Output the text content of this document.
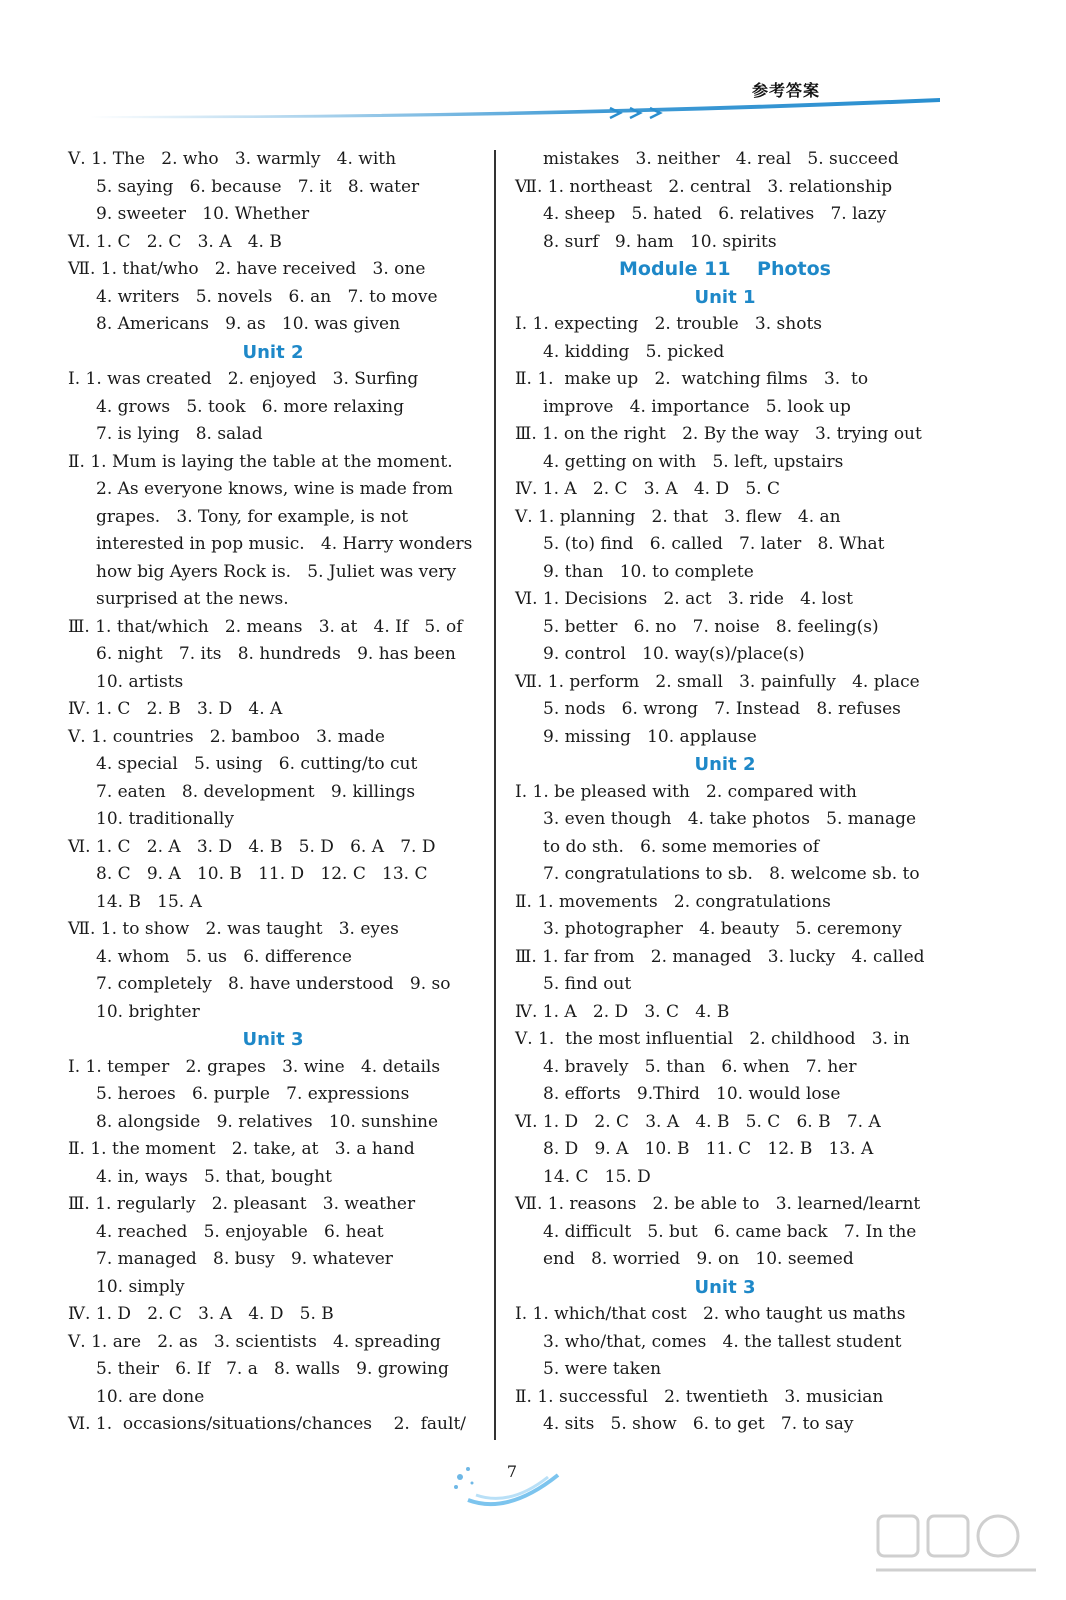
参考答案
Ⅴ. 1. The   2. who   3. warmly   4. with
5. saying   6. because   7. it   8. water
9. sweeter   10. Whether
Ⅵ. 1. C   2. C   3. A   4. B
Ⅶ. 1. that/who   2. have received   3. one
4. writers   5. novels   6. an   7. to move
8. Americans   9. as   10. was given
Unit 2
Ⅰ. 1. was created   2. enjoyed   3. Surfing
4. grows   5. took   6. more relaxing
7. is lying   8. salad
Ⅱ. 1. Mum is laying the table at the moment.
2. As everyone knows, wine is made from
grapes.   3. Tony, for example, is not
interested in pop music.   4. Harry wonders
how big Ayers Rock is.   5. Juliet was very
surprised at the news.
Ⅲ. 1. that/which   2. means   3. at   4. If   5. of
6. night   7. its   8. hundreds   9. has been
10. artists
Ⅳ. 1. C   2. B   3. D   4. A
Ⅴ. 1. countries   2. bamboo   3. made
4. special   5. using   6. cutting/to cut
7. eaten   8. development   9. killings
10. traditionally
Ⅵ. 1. C   2. A   3. D   4. B   5. D   6. A   7. D
8. C   9. A   10. B   11. D   12. C   13. C
14. B   15. A
Ⅶ. 1. to show   2. was taught   3. eyes
4. whom   5. us   6. difference
7. completely   8. have understood   9. so
10. brighter
Unit 3
Ⅰ. 1. temper   2. grapes   3. wine   4. details
5. heroes   6. purple   7. expressions
8. alongside   9. relatives   10. sunshine
Ⅱ. 1. the moment   2. take, at   3. a hand
4. in, ways   5. that, bought
Ⅲ. 1. regularly   2. pleasant   3. weather
4. reached   5. enjoyable   6. heat
7. managed   8. busy   9. whatever
10. simply
Ⅳ. 1. D   2. C   3. A   4. D   5. B
Ⅴ. 1. are   2. as   3. scientists   4. spreading
5. their   6. If   7. a   8. walls   9. growing
10. are done
Ⅵ. 1.  occasions/situations/chances    2.  fault/
mistakes   3. neither   4. real   5. succeed
Ⅶ. 1. northeast   2. central   3. relationship
4. sheep   5. hated   6. relatives   7. lazy
8. surf   9. ham   10. spirits
Module 11    Photos
Unit 1
Ⅰ. 1. expecting   2. trouble   3. shots
4. kidding   5. picked
Ⅱ. 1.  make up   2.  watching films   3.  to
improve   4. importance   5. look up
Ⅲ. 1. on the right   2. By the way   3. trying out
4. getting on with   5. left, upstairs
Ⅳ. 1. A   2. C   3. A   4. D   5. C
Ⅴ. 1. planning   2. that   3. flew   4. an
5. (to) find   6. called   7. later   8. What
9. than   10. to complete
Ⅵ. 1. Decisions   2. act   3. ride   4. lost
5. better   6. no   7. noise   8. feeling(s)
9. control   10. way(s)/place(s)
Ⅶ. 1. perform   2. small   3. painfully   4. place
5. nods   6. wrong   7. Instead   8. refuses
9. missing   10. applause
Unit 2
Ⅰ. 1. be pleased with   2. compared with
3. even though   4. take photos   5. manage
to do sth.   6. some memories of
7. congratulations to sb.   8. welcome sb. to
Ⅱ. 1. movements   2. congratulations
3. photographer   4. beauty   5. ceremony
Ⅲ. 1. far from   2. managed   3. lucky   4. called
5. find out
Ⅳ. 1. A   2. D   3. C   4. B
Ⅴ. 1.  the most influential   2. childhood   3. in
4. bravely   5. than   6. when   7. her
8. efforts   9.Third   10. would lose
Ⅵ. 1. D   2. C   3. A   4. B   5. C   6. B   7. A
8. D   9. A   10. B   11. C   12. B   13. A
14. C   15. D
Ⅶ. 1. reasons   2. be able to   3. learned/learnt
4. difficult   5. but   6. came back   7. In the
end   8. worried   9. on   10. seemed
Unit 3
Ⅰ. 1. which/that cost   2. who taught us maths
3. who/that, comes   4. the tallest student
5. were taken
Ⅱ. 1. successful   2. twentieth   3. musician
4. sits   5. show   6. to get   7. to say
7
